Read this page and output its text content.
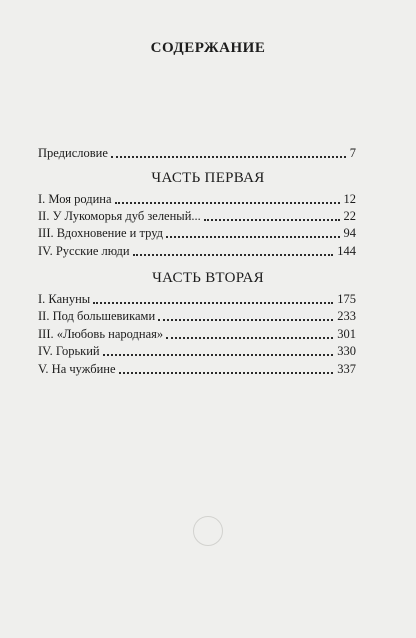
СОДЕРЖАНИЕ
Предисловие	7
ЧАСТЬ ПЕРВАЯ
I. Моя родина	12
II. У Лукоморья дуб зеленый...	22
III. Вдохновение и труд	94
IV. Русские люди	144
ЧАСТЬ ВТОРАЯ
I. Кануны	175
II. Под большевиками	233
III. «Любовь народная»	301
IV. Горький	330
V. На чужбине	337
